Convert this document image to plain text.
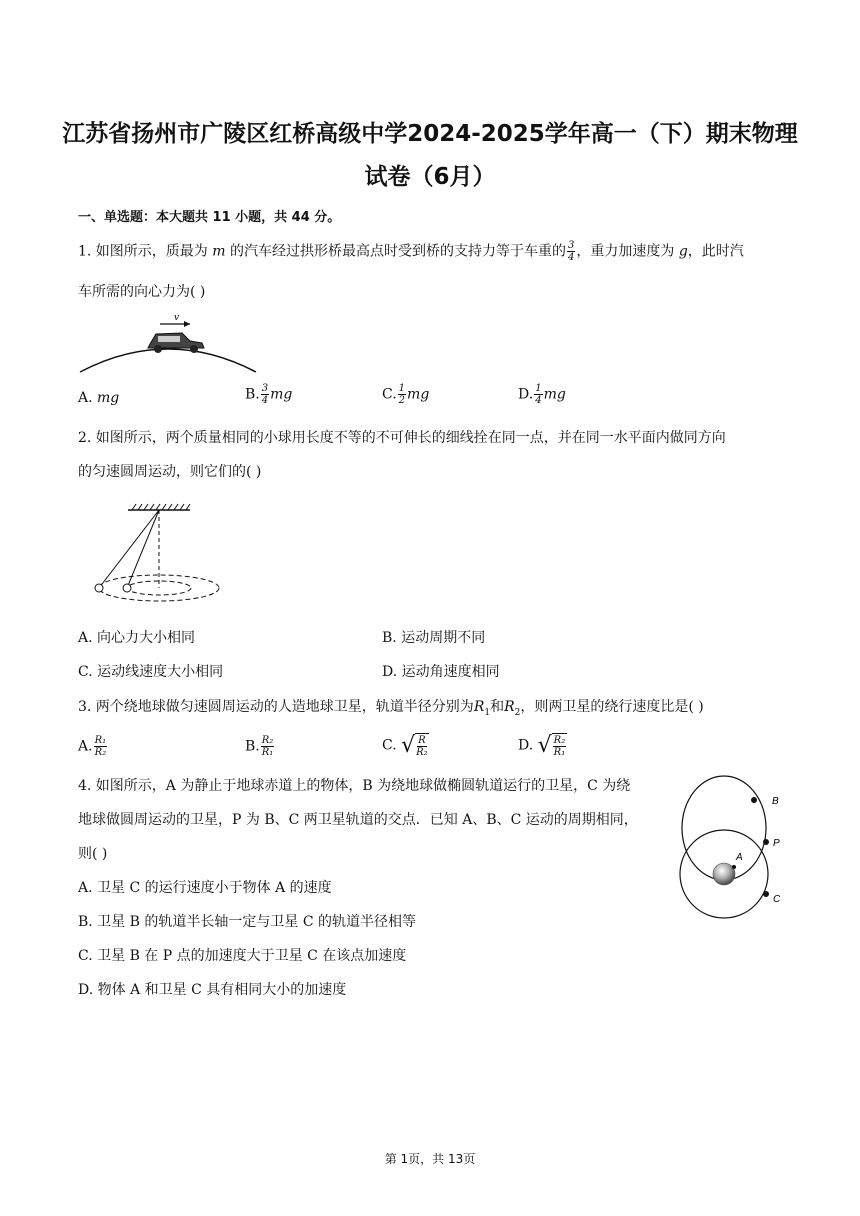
江苏省扬州市广陵区红桥高级中学2024-2025学年高一（下）期末物理
试卷（6月）
一、单选题：本大题共 11 小题，共 44 分。
1. 如图所示，质最为 m 的汽车经过拱形桥最高点时受到桥的支持力等于车重的 $\frac{3}{4}$ ，重力加速度为 g，此时汽
车所需的向心力为( )
v
A. mg	B. $\frac{3}{4}$ mg	C. $\frac{1}{2}$ mg	D. $\frac{1}{4}$ mg
2. 如图所示，两个质量相同的小球用长度不等的不可伸长的细线拴在同一点，并在同一水平面内做同方向
的匀速圆周运动，则它们的( )
A. 向心力大小相同	B. 运动周期不同
C. 运动线速度大小相同	D. 运动角速度相同
3. 两个绕地球做匀速圆周运动的人造地球卫星，轨道半径分别为$R_1$和$R_2$，则两卫星的绕行速度比是( )
A. $\frac{\text{R₁}}{\text{R₂}}$	B. $\frac{\text{R₂}}{\text{R₁}}$	C. √ $\frac{R}{\text{R₂}}$	D. √ $\frac{\text{R₂}}{\text{R₁}}$
4. 如图所示，A 为静止于地球赤道上的物体，B 为绕地球做椭圆轨道运行的卫星，C 为绕
地球做圆周运动的卫星，P 为 B、C 两卫星轨道的交点．已知 A、B、C 运动的周期相同，
则( )
A. 卫星 C 的运行速度小于物体 A 的速度
B. 卫星 B 的轨道半长轴一定与卫星 C 的轨道半径相等
C. 卫星 B 在 P 点的加速度大于卫星 C 在该点加速度
D. 物体 A 和卫星 C 具有相同大小的加速度
A
B
P
C
第 1页，共 13页
